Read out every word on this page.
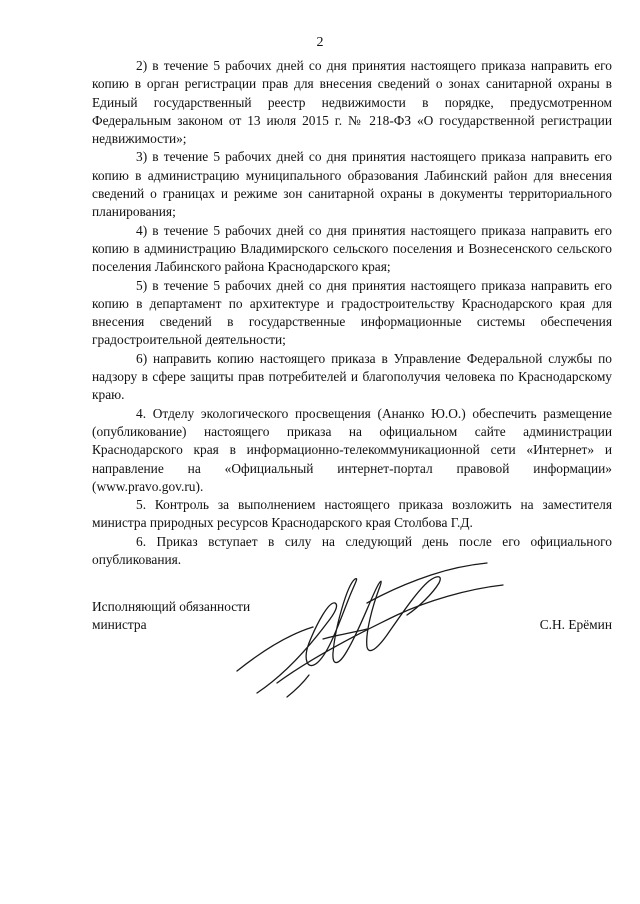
2

2) в течение 5 рабочих дней со дня принятия настоящего приказа направить его копию в орган регистрации прав для внесения сведений о зонах санитарной охраны в Единый государственный реестр недвижимости в порядке, предусмотренном Федеральным законом от 13 июля 2015 г. № 218-ФЗ «О государственной регистрации недвижимости»;

3) в течение 5 рабочих дней со дня принятия настоящего приказа направить его копию в администрацию муниципального образования Лабинский район для внесения сведений о границах и режиме зон санитарной охраны в документы территориального планирования;

4) в течение 5 рабочих дней со дня принятия настоящего приказа направить его копию в администрацию Владимирского сельского поселения и Вознесенского сельского поселения Лабинского района Краснодарского края;

5) в течение 5 рабочих дней со дня принятия настоящего приказа направить его копию в департамент по архитектуре и градостроительству Краснодарского края для внесения сведений в государственные информационные системы обеспечения градостроительной деятельности;

6) направить копию настоящего приказа в Управление Федеральной службы по надзору в сфере защиты прав потребителей и благополучия человека по Краснодарскому краю.

4. Отделу экологического просвещения (Ананко Ю.О.) обеспечить размещение (опубликование) настоящего приказа на официальном сайте администрации Краснодарского края в информационно-телекоммуникационной сети «Интернет» и направление на «Официальный интернет-портал правовой информации» (www.pravo.gov.ru).

5. Контроль за выполнением настоящего приказа возложить на заместителя министра природных ресурсов Краснодарского края Столбова Г.Д.

6. Приказ вступает в силу на следующий день после его официального опубликования.

Исполняющий обязанности
министра	С.Н. Ерёмин
